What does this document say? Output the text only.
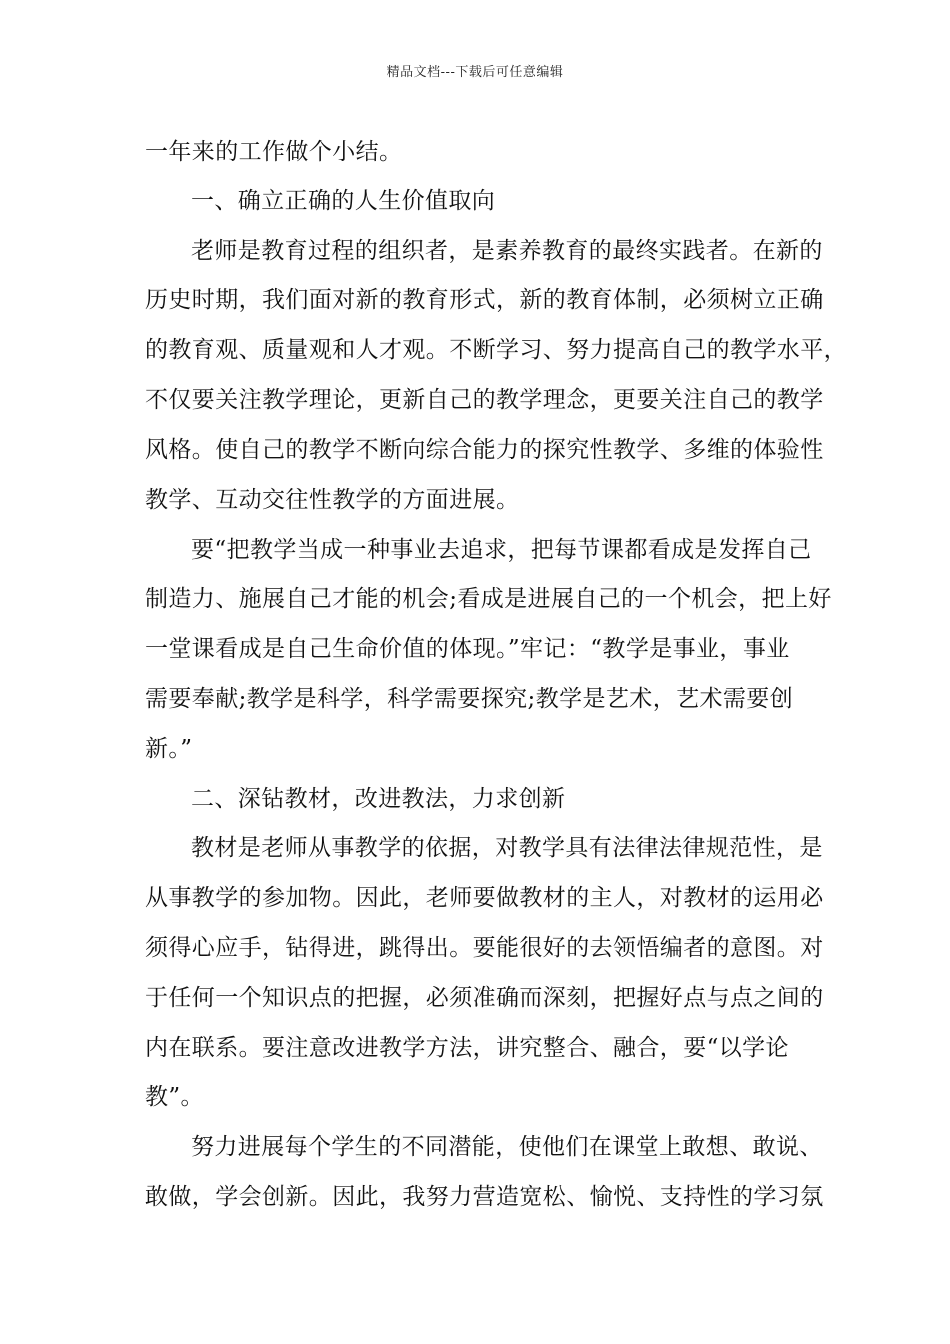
精品文档---下载后可任意编辑
一年来的工作做个小结。
一、确立正确的人生价值取向
老师是教育过程的组织者，是素养教育的最终实践者。在新的
历史时期，我们面对新的教育形式，新的教育体制，必须树立正确
的教育观、质量观和人才观。不断学习、努力提高自己的教学水平，
不仅要关注教学理论，更新自己的教学理念，更要关注自己的教学
风格。使自己的教学不断向综合能力的探究性教学、多维的体验性
教学、互动交往性教学的方面进展。
要“把教学当成一种事业去追求，把每节课都看成是发挥自己
制造力、施展自己才能的机会;看成是进展自己的一个机会，把上好
一堂课看成是自己生命价值的体现。”牢记：“教学是事业，事业
需要奉献;教学是科学，科学需要探究;教学是艺术，艺术需要创
新。”
二、深钻教材，改进教法，力求创新
教材是老师从事教学的依据，对教学具有法律法律规范性，是
从事教学的参加物。因此，老师要做教材的主人，对教材的运用必
须得心应手，钻得进，跳得出。要能很好的去领悟编者的意图。对
于任何一个知识点的把握，必须准确而深刻，把握好点与点之间的
内在联系。要注意改进教学方法，讲究整合、融合，要“以学论
教”。
努力进展每个学生的不同潜能，使他们在课堂上敢想、敢说、
敢做，学会创新。因此，我努力营造宽松、愉悦、支持性的学习氛
